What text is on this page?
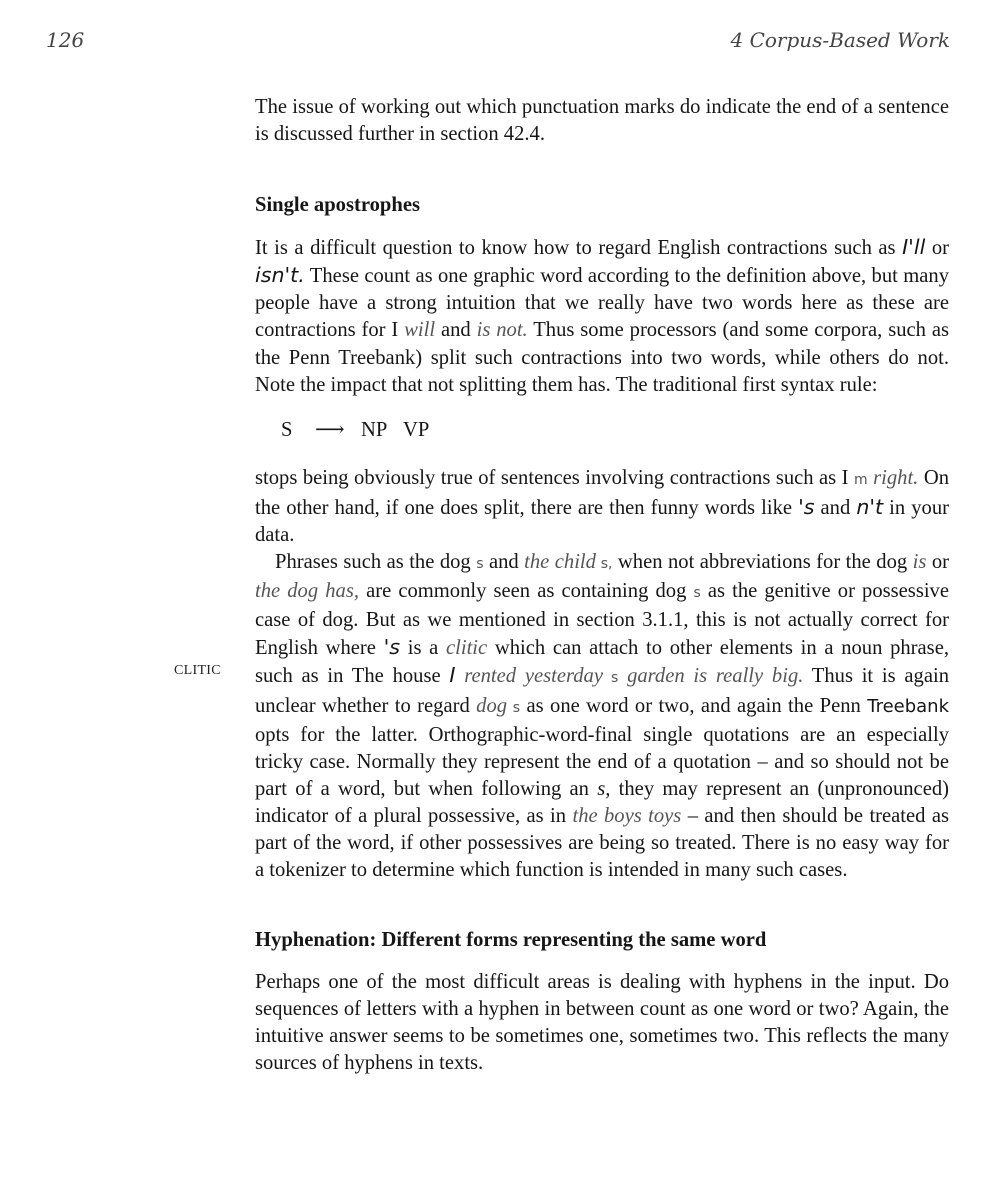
126	4 Corpus-Based Work
CLITIC

The issue of working out which punctuation marks do indicate the end of a sentence is discussed further in section 42.4.

Single apostrophes

It is a difficult question to know how to regard English contractions such as I'll or isn't. These count as one graphic word according to the definition above, but many people have a strong intuition that we really have two words here as these are contractions for I will and is not. Thus some processors (and some corpora, such as the Penn Treebank) split such contractions into two words, while others do not. Note the impact that not splitting them has. The traditional first syntax rule:

S ⟶ NP VP

stops being obviously true of sentences involving contractions such as I m right. On the other hand, if one does split, there are then funny words like 's and n't in your data.

Phrases such as the dog s and the child s, when not abbreviations for the dog is or the dog has, are commonly seen as containing dog s as the genitive or possessive case of dog. But as we mentioned in section 3.1.1, this is not actually correct for English where 's is a clitic which can attach to other elements in a noun phrase, such as in The house I rented yesterday s garden is really big. Thus it is again unclear whether to regard dog s as one word or two, and again the Penn Treebank opts for the latter. Orthographic-word-final single quotations are an especially tricky case. Normally they represent the end of a quotation – and so should not be part of a word, but when following an s, they may represent an (unpronounced) indicator of a plural possessive, as in the boys toys – and then should be treated as part of the word, if other possessives are being so treated. There is no easy way for a tokenizer to determine which function is intended in many such cases.

Hyphenation: Different forms representing the same word

Perhaps one of the most difficult areas is dealing with hyphens in the input. Do sequences of letters with a hyphen in between count as one word or two? Again, the intuitive answer seems to be sometimes one, sometimes two. This reflects the many sources of hyphens in texts.
